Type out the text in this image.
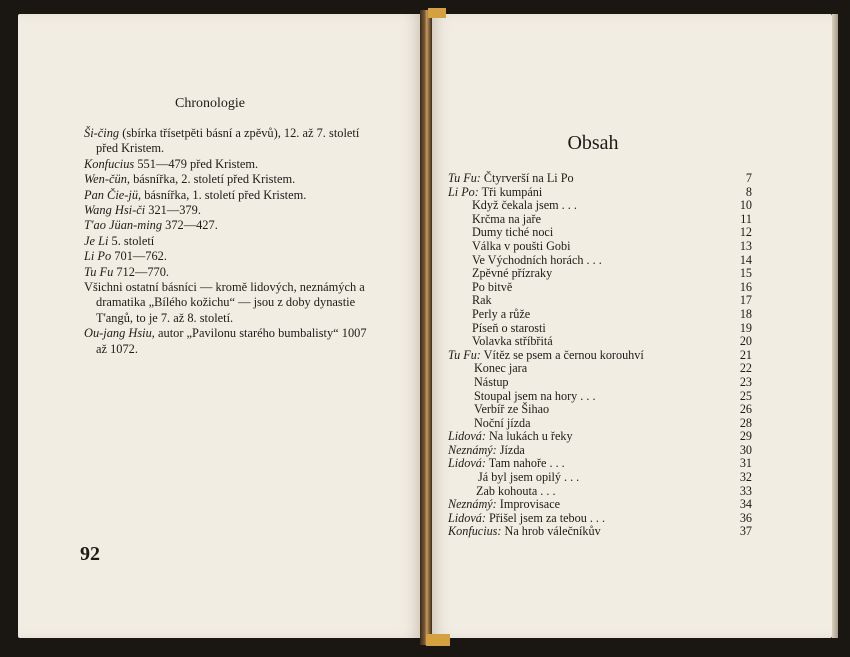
Chronologie

Ši-čing (sbírka třísetpěti básní a zpěvů), 12. až 7. století před Kristem.

Konfucius 551—479 před Kristem.

Wen-čün, básnířka, 2. století před Kristem.

Pan Čie-jü, básnířka, 1. století před Kristem.

Wang Hsi-či 321—379.

T'ao Jüan-ming 372—427.

Je Li 5. století

Li Po 701—762.

Tu Fu 712—770.

Všichni ostatní básníci — kromě lidových, neznámých a dramatika „Bílého kožichu“ — jsou z doby dynastie T'angů, to je 7. až 8. století.

Ou-jang Hsiu, autor „Pavilonu starého bumbalisty“ 1007 až 1072.

92
Obsah
Tu Fu: Čtyrverší na Li Po	7
Li Po: Tři kumpáni	8
Když čekala jsem . . .	10
Krčma na jaře	11
Dumy tiché noci	12
Válka v poušti Gobi	13
Ve Východních horách . . .	14
Zpěvné přízraky	15
Po bitvě	16
Rak	17
Perly a růže	18
Píseň o starosti	19
Volavka stříbřitá	20
Tu Fu: Vítěz se psem a černou korouhví	21
Konec jara	22
Nástup	23
Stoupal jsem na hory . . .	25
Verbíř ze Šihao	26
Noční jízda	28
Lidová: Na lukách u řeky	29
Neznámý: Jízda	30
Lidová: Tam nahoře . . .	31
Já byl jsem opilý . . .	32
Zab kohouta . . .	33
Neznámý: Improvisace	34
Lidová: Přišel jsem za tebou . . .	36
Konfucius: Na hrob válečníkův	37
